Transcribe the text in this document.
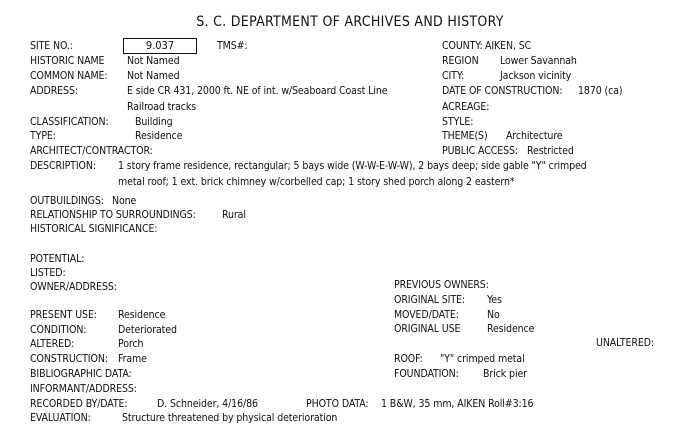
S. C. DEPARTMENT OF ARCHIVES AND HISTORY
SITE NO.:	9.037	TMS#:
HISTORIC NAME Not Named
COMMON NAME: Not Named
ADDRESS:	E side CR 431, 2000 ft. NE of int. w/Seaboard Coast Line
Railroad tracks
CLASSIFICATION:	Building
TYPE:	Residence
ARCHITECT/CONTRACTOR:
COUNTY: AIKEN, SC
REGION Lower Savannah
CITY:	Jackson vicinity
DATE OF CONSTRUCTION: 1870 (ca)
ACREAGE:
STYLE:
THEME(S) Architecture
PUBLIC ACCESS: Restricted
DESCRIPTION: 1 story frame residence, rectangular; 5 bays wide (W-W-E-W-W), 2 bays deep; side gable "Y" crimped
metal roof; 1 ext. brick chimney w/corbelled cap; 1 story shed porch along 2 eastern*
OUTBUILDINGS: None
RELATIONSHIP TO SURROUNDINGS:	Rural
HISTORICAL SIGNIFICANCE:
POTENTIAL:
LISTED:
OWNER/ADDRESS:	PREVIOUS OWNERS:
ORIGINAL SITE: Yes
MOVED/DATE:	No
ORIGINAL USE	Residence
PRESENT USE: Residence
CONDITION:	Deteriorated
ALTERED:	Porch	UNALTERED:
CONSTRUCTION: Frame	ROOF: "Y" crimped metal
BIBLIOGRAPHIC DATA:	FOUNDATION: Brick pier
INFORMANT/ADDRESS:
RECORDED BY/DATE:	D. Schneider, 4/16/86	PHOTO DATA: 1 B&W, 35 mm, AIKEN Roll#3:16
EVALUATION:	Structure threatened by physical deterioration
